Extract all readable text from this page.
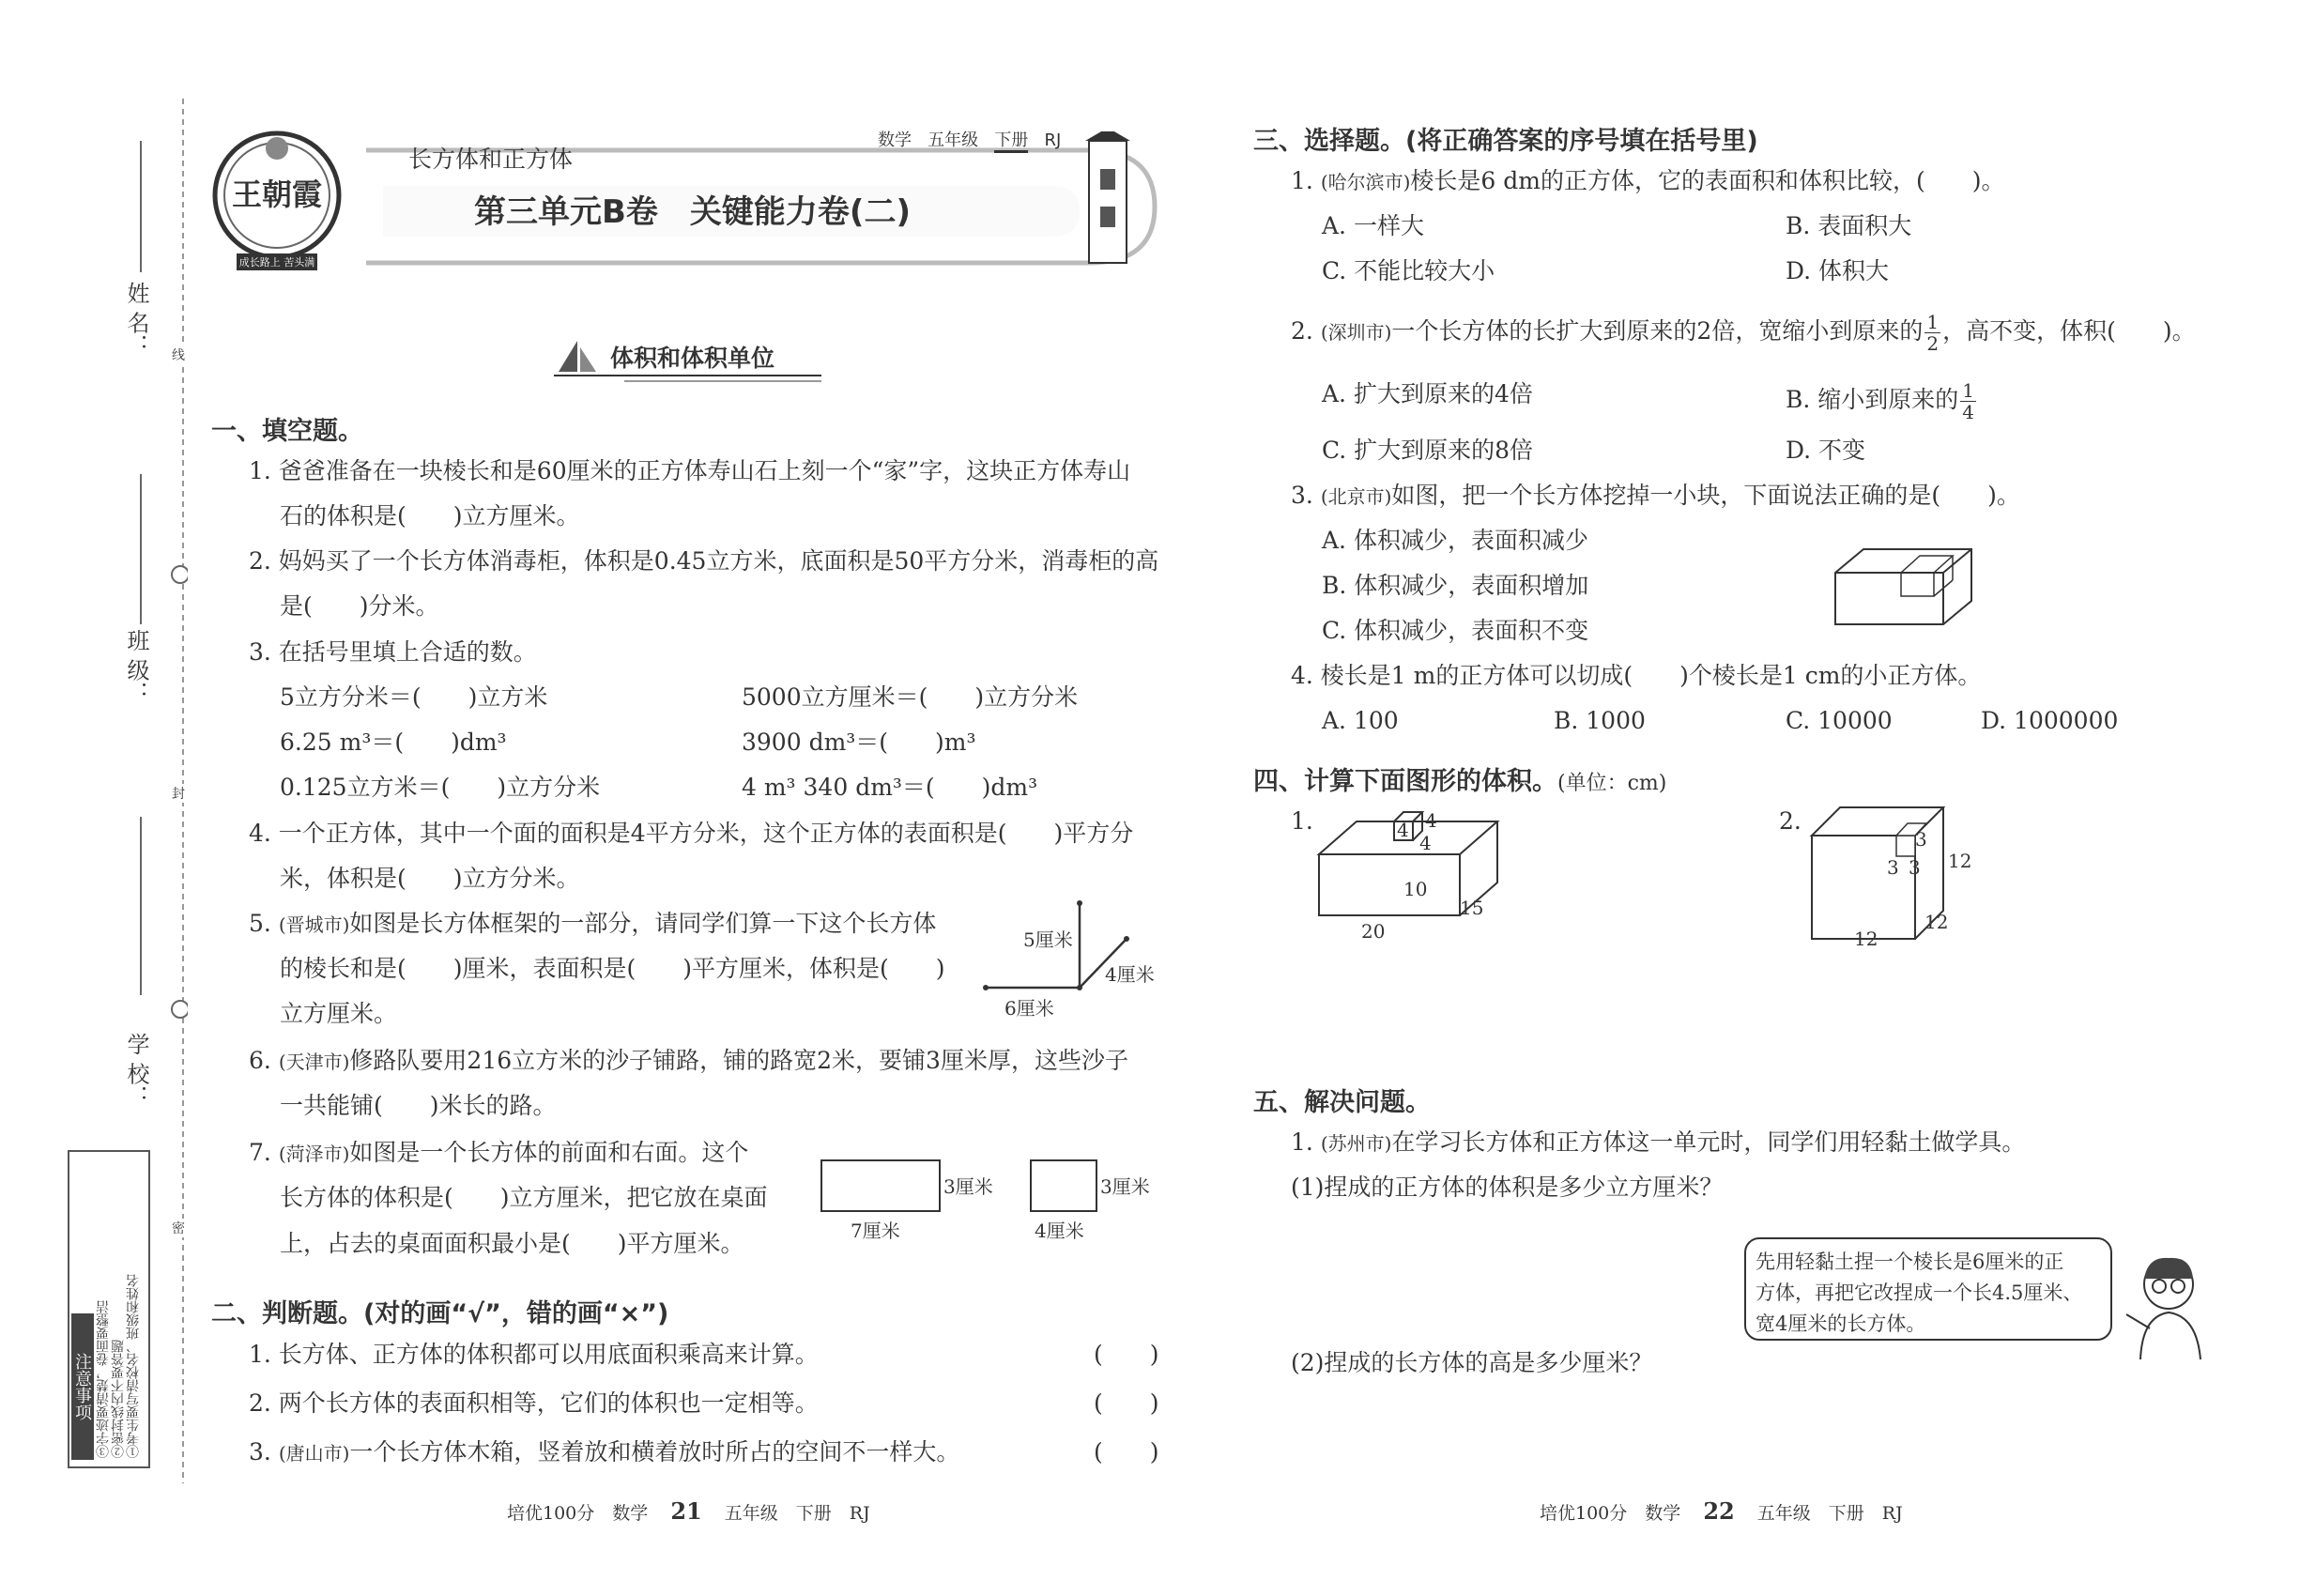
姓 名：
班 级：
学 校：
线
封
密
注意事项	①考生要写清校名、班级和姓名
②密封线内不要答题
③字迹要清楚，卷面要整洁
王朝霞
成长路上 苦头满天
长方体和正方体
数学 五年级 下册 RJ
第三单元B卷　关键能力卷(二)
体积和体积单位
一、填空题。
1. 爸爸准备在一块棱长和是60厘米的正方体寿山石上刻一个“家”字，这块正方体寿山
石的体积是(　　)立方厘米。
2. 妈妈买了一个长方体消毒柜，体积是0.45立方米，底面积是50平方分米，消毒柜的高
是(　　)分米。
3. 在括号里填上合适的数。
5立方分米＝(　　)立方米	5000立方厘米＝(　　)立方分米
6.25 m³＝(　　)dm³	3900 dm³＝(　　)m³
0.125立方米＝(　　)立方分米	4 m³ 340 dm³＝(　　)dm³
4. 一个正方体，其中一个面的面积是4平方分米，这个正方体的表面积是(　　)平方分
米，体积是(　　)立方分米。
5. (晋城市)如图是长方体框架的一部分，请同学们算一下这个长方体
的棱长和是(　　)厘米，表面积是(　　)平方厘米，体积是(　　)
立方厘米。
5厘米
4厘米
6厘米
6. (天津市)修路队要用216立方米的沙子铺路，铺的路宽2米，要铺3厘米厚，这些沙子
一共能铺(　　)米长的路。
7. (菏泽市)如图是一个长方体的前面和右面。这个
长方体的体积是(　　)立方厘米，把它放在桌面
上，占去的桌面面积最小是(　　)平方厘米。
3厘米
7厘米
3厘米
4厘米
二、判断题。(对的画“√”，错的画“×”)
1. 长方体、正方体的体积都可以用底面积乘高来计算。	(　　)
2. 两个长方体的表面积相等，它们的体积也一定相等。	(　　)
3. (唐山市)一个长方体木箱，竖着放和横着放时所占的空间不一样大。	(　　)
培优100分　数学 21 五年级　下册　RJ
三、选择题。(将正确答案的序号填在括号里)
1. (哈尔滨市)棱长是6 dm的正方体，它的表面积和体积比较，(　　)。
A. 一样大	B. 表面积大
C. 不能比较大小	D. 体积大
2. (深圳市)一个长方体的长扩大到原来的2倍，宽缩小到原来的 $\frac{1}{2}$ ，高不变，体积(　　)。
A. 扩大到原来的4倍	B. 缩小到原来的 $\frac{1}{4}$
C. 扩大到原来的8倍	D. 不变
3. (北京市)如图，把一个长方体挖掉一小块，下面说法正确的是(　　)。
A. 体积减少，表面积减少
B. 体积减少，表面积增加
C. 体积减少，表面积不变
4. 棱长是1 m的正方体可以切成(　　)个棱长是1 cm的小正方体。
A. 100	B. 1000	C. 10000	D. 1000000
四、计算下面图形的体积。(单位：cm)
1.	4 4
4
10
15
20
2.
3
3 3 12
12
12
五、解决问题。
1. (苏州市)在学习长方体和正方体这一单元时，同学们用轻黏土做学具。
(1)捏成的正方体的体积是多少立方厘米？
先用轻黏土捏一个棱长是6厘米的正
方体，再把它改捏成一个长4.5厘米、
宽4厘米的长方体。
(2)捏成的长方体的高是多少厘米？
培优100分　数学 22 五年级　下册　RJ
